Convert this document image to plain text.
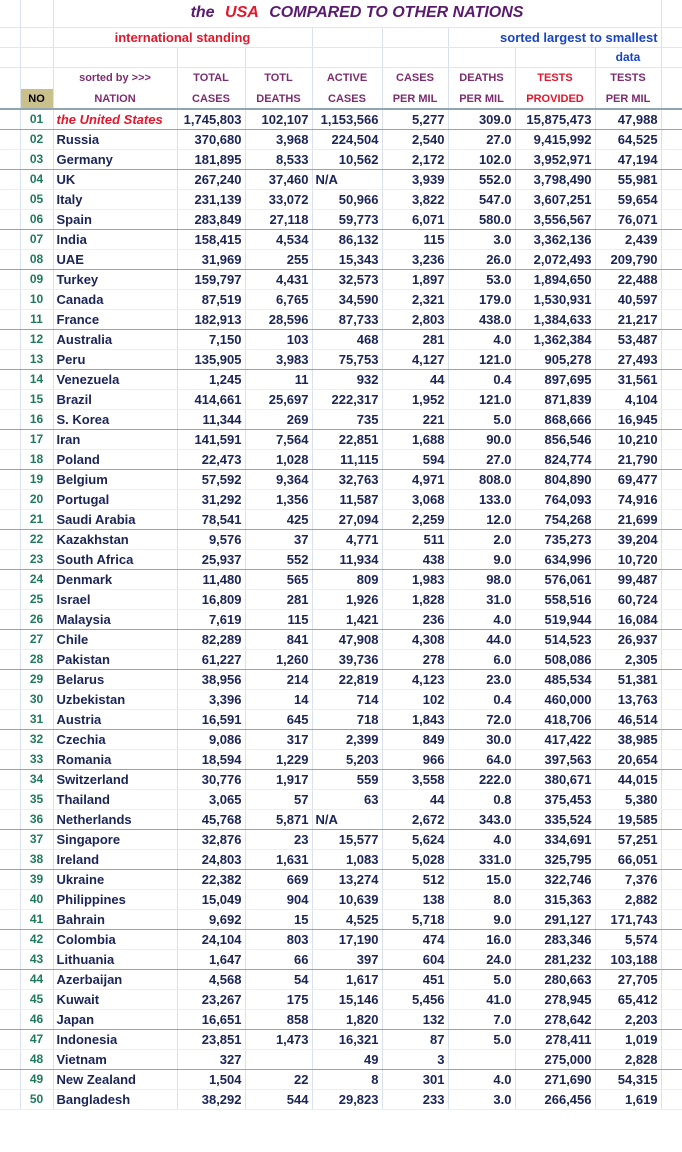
		the USA COMPARED TO OTHER NATIONS								
		international standing					sorted largest to smallest			
									data	
		sorted by >>>	TOTAL	TOTL	ACTIVE	CASES	DEATHS	TESTS	TESTS	
	NO	NATION	CASES	DEATHS	CASES	PER MIL	PER MIL	PROVIDED	PER MIL	
	01	the United States	1,745,803	102,107	1,153,566	5,277	309.0	15,875,473	47,988	
	02	Russia	370,680	3,968	224,504	2,540	27.0	9,415,992	64,525	
	03	Germany	181,895	8,533	10,562	2,172	102.0	3,952,971	47,194	
	04	UK	267,240	37,460	N/A	3,939	552.0	3,798,490	55,981	
	05	Italy	231,139	33,072	50,966	3,822	547.0	3,607,251	59,654	
	06	Spain	283,849	27,118	59,773	6,071	580.0	3,556,567	76,071	
	07	India	158,415	4,534	86,132	115	3.0	3,362,136	2,439	
	08	UAE	31,969	255	15,343	3,236	26.0	2,072,493	209,790	
	09	Turkey	159,797	4,431	32,573	1,897	53.0	1,894,650	22,488	
	10	Canada	87,519	6,765	34,590	2,321	179.0	1,530,931	40,597	
	11	France	182,913	28,596	87,733	2,803	438.0	1,384,633	21,217	
	12	Australia	7,150	103	468	281	4.0	1,362,384	53,487	
	13	Peru	135,905	3,983	75,753	4,127	121.0	905,278	27,493	
	14	Venezuela	1,245	11	932	44	0.4	897,695	31,561	
	15	Brazil	414,661	25,697	222,317	1,952	121.0	871,839	4,104	
	16	S. Korea	11,344	269	735	221	5.0	868,666	16,945	
	17	Iran	141,591	7,564	22,851	1,688	90.0	856,546	10,210	
	18	Poland	22,473	1,028	11,115	594	27.0	824,774	21,790	
	19	Belgium	57,592	9,364	32,763	4,971	808.0	804,890	69,477	
	20	Portugal	31,292	1,356	11,587	3,068	133.0	764,093	74,916	
	21	Saudi Arabia	78,541	425	27,094	2,259	12.0	754,268	21,699	
	22	Kazakhstan	9,576	37	4,771	511	2.0	735,273	39,204	
	23	South Africa	25,937	552	11,934	438	9.0	634,996	10,720	
	24	Denmark	11,480	565	809	1,983	98.0	576,061	99,487	
	25	Israel	16,809	281	1,926	1,828	31.0	558,516	60,724	
	26	Malaysia	7,619	115	1,421	236	4.0	519,944	16,084	
	27	Chile	82,289	841	47,908	4,308	44.0	514,523	26,937	
	28	Pakistan	61,227	1,260	39,736	278	6.0	508,086	2,305	
	29	Belarus	38,956	214	22,819	4,123	23.0	485,534	51,381	
	30	Uzbekistan	3,396	14	714	102	0.4	460,000	13,763	
	31	Austria	16,591	645	718	1,843	72.0	418,706	46,514	
	32	Czechia	9,086	317	2,399	849	30.0	417,422	38,985	
	33	Romania	18,594	1,229	5,203	966	64.0	397,563	20,654	
	34	Switzerland	30,776	1,917	559	3,558	222.0	380,671	44,015	
	35	Thailand	3,065	57	63	44	0.8	375,453	5,380	
	36	Netherlands	45,768	5,871	N/A	2,672	343.0	335,524	19,585	
	37	Singapore	32,876	23	15,577	5,624	4.0	334,691	57,251	
	38	Ireland	24,803	1,631	1,083	5,028	331.0	325,795	66,051	
	39	Ukraine	22,382	669	13,274	512	15.0	322,746	7,376	
	40	Philippines	15,049	904	10,639	138	8.0	315,363	2,882	
	41	Bahrain	9,692	15	4,525	5,718	9.0	291,127	171,743	
	42	Colombia	24,104	803	17,190	474	16.0	283,346	5,574	
	43	Lithuania	1,647	66	397	604	24.0	281,232	103,188	
	44	Azerbaijan	4,568	54	1,617	451	5.0	280,663	27,705	
	45	Kuwait	23,267	175	15,146	5,456	41.0	278,945	65,412	
	46	Japan	16,651	858	1,820	132	7.0	278,642	2,203	
	47	Indonesia	23,851	1,473	16,321	87	5.0	278,411	1,019	
	48	Vietnam	327		49	3		275,000	2,828	
	49	New Zealand	1,504	22	8	301	4.0	271,690	54,315	
	50	Bangladesh	38,292	544	29,823	233	3.0	266,456	1,619	
